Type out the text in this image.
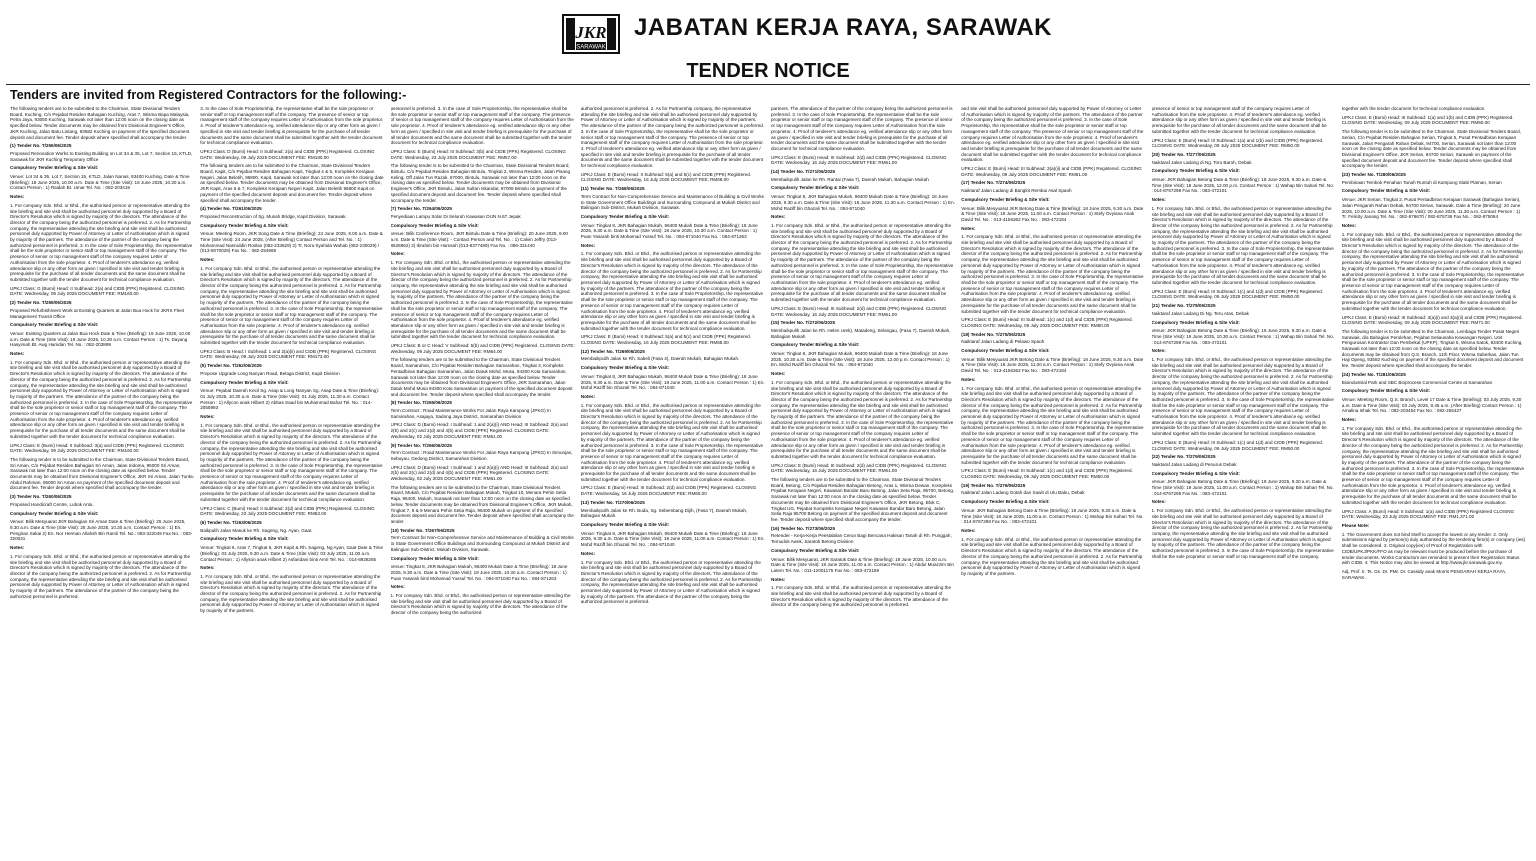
JKR
SARAWAK
JABATAN KERJA RAYA, SARAWAK
TENDER NOTICE
Tenders are invited from Registered Contractors for the following:-

The following tenders are to be submitted to the Chairman, State Divisional Tenders Board, Kuching, C/o Pejabat Residen Bahagian Kuching, Aras 7, Wisma Bapa Malaysia, Petra Jaya, 93050 Kuching, Sarawak not later than 12:00 noon on the closing date as specified below. Tender documents may be obtained from Divisional Engineer's Office, JKR Kuching, Jalan Batu Lintang, 93582 Kuching on payment of the specified document deposit and document fee. Tender deposit where specified shall accompany the tender.

(1) Tender No. T/256/06/2025

Proposed Renovation Works to Existing Building on Lot 34 & 35, Lot 7, Section 15, KTLD, Sarawak for JKR Kuching Temporary Office

Compulsory Tender Briefing & Site Visit:

Venue: Lot 34 & 35, Lot 7, Section 15, KTLD, Jalan Nanas, 93400 Kuching. Date & Time (Briefing): 18 June 2025, 10.00 a.m. Date & Time (Site Visit): 18 June 2025, 10.30 a.m. Contact Person : 1) Raidah Bt. Umar Tel. No. : 082-203419

Notes:

1. For company Sdn. Bhd. or Bhd., the authorised person or representative attending the site briefing and site visit shall be authorised personnel duly supported by a Board of Director's Resolution which is signed by majority of the directors. The attendance of the director of the company being the authorized personnel is preferred. 2. As for Partnership company, the representative attending the site briefing and site visit shall be authorised personnel duly supported by Power of Attorney or Letter of Authorisation which is signed by majority of the partners. The attendance of the partner of the company being the authorized personnel is preferred. 3. In the case of Sole Proprietorship, the representative shall be the sole proprietor or senior staff or top management staff of the company. The presence of senior or top management staff of the company requires Letter of Authorisation from the sole proprietor. 4. Proof of tenderer's attendance eg. verified attendance slip or any other form as given / specified in site visit and tender briefing is prerequisite for the purchase of all tender documents and the same document shall be submitted together with the tender document for technical compliance evaluation.

UPKJ Class: G (Bumi) Head: II Subhead: 2(a) and CIDB (PPK) Registered. CLOSING DATE: Wednesday, 09 July 2025 DOCUMENT FEE: RM160.00

(2) Tender No. T/259/06/2025

Proposed Refurbishment Work at Existing Quarters at Jalan Bua Hock for JKRS Fleet Management Transit Office

Compulsory Tender Briefing & Site Visit:

Venue: Existing Quarters at Jalan Bua Hock Date & Time (Briefing): 19 June 2025, 10.00 a.m. Date & Time (Site Visit): 19 June 2025, 10.30 a.m. Contact Person : 1) Ts. Dayang Hasyimah Bt. Awg Hamdan Tel. No. : 082-203899

Notes:

1. For company Sdn. Bhd. or Bhd., the authorised person or representative attending the site briefing and site visit shall be authorised personnel duly supported by a Board of Director's Resolution which is signed by majority of the directors. The attendance of the director of the company being the authorized personnel is preferred. 2. As for Partnership company, the representative attending the site briefing and site visit shall be authorised personnel duly supported by Power of Attorney or Letter of Authorisation which is signed by majority of the partners. The attendance of the partner of the company being the authorized personnel is preferred. 3. In the case of Sole Proprietorship, the representative shall be the sole proprietor or senior staff or top management staff of the company. The presence of senior or top management staff of the company requires Letter of Authorisation from the sole proprietor. 4. Proof of tenderer's attendance eg. verified attendance slip or any other form as given / specified in site visit and tender briefing is prerequisite for the purchase of all tender documents and the same document shall be submitted together with the tender document for technical compliance evaluation.

UPKJ Class: E (Bumi) Head: II Subhead: 3(a) and CIDB (PPK) Registered. CLOSING DATE: Wednesday, 09 July 2025 DOCUMENT FEE: RM160.00

The following tender is to be submitted to the Chairman, State Divisional Tenders Board, Sri Aman, C/o Pejabat Residen Bahagian Sri Aman, Jalan Indoma, 95000 Sri Aman, Sarawak not later than 12:00 noon on the closing date as specified below. Tender documents may be obtained from Divisional Engineer's Office, JKR Sri Aman, Jalan Tunku Abdul Rahman, 95000 Sri Aman on payment of the specified document deposit and document fee. Tender deposit where specified shall accompany the tender.

(3) Tender No. T/260/06/2025

Proposed Handicraft Centre, Lubok Antu.

Compulsory Tender Briefing & Site Visit:

Venue: Bilik Mesyuarat JKR Bahagian Sri Aman Date & Time (Briefing): 25 June 2025, 9.30 a.m. Date & Time (Site Visit): 25 June 2025, 10.30 a.m. Contact Person : 1) En. Pengiran Sakai 2) En. Nor Herman Allahsh Bin Ramli Tel. No.: 083-322049 Fax No. : 083-320031

Notes:

1. For company Sdn. Bhd. or Bhd., the authorised person or representative attending the site briefing and site visit shall be authorised personnel duly supported by a Board of Director's Resolution which is signed by majority of the directors. The attendance of the director of the company being the authorized personnel is preferred. 2. As for Partnership company, the representative attending the site briefing and site visit shall be authorised personnel duly supported by Power of Attorney or Letter of Authorisation which is signed by majority of the partners. The attendance of the partner of the company being the authorized personnel is preferred.

3. In the case of Sole Proprietorship, the representative shall be the sole proprietor or senior staff or top management staff of the company. The presence of senior or top management staff of the company requires Letter of Authorisation from the sole proprietor. 4. Proof of tenderer's attendance eg. verified attendance slip or any other form as given / specified in site visit and tender briefing is prerequisite for the purchase of all tender documents and the same document shall be submitted together with the tender document for technical compliance evaluation.

UPKJ Class: D (Bumi) Head: II Subhead: 2(a) and CIDB (PPK) Registered. CLOSING DATE: Wednesday, 09 July 2025 DOCUMENT FEE: RM180.00

The following tenders are to be submitted to the Chairman, State Divisional Tenders Board, Kapit, C/o Pejabat Residen Bahagian Kapit, Tingkat 4 & 5, Kompleks Kerajaan Negeri, Jalan Beletih, 96800, Kapit, Sarawak not later than 12:00 noon on the closing date as specified below. Tender documents may be obtained from Divisional Engineer's Office, JKR Kapit, Aras 6 & 7, Kompleks Kerajaan Negeri Kapit, Jalan Beletih 96800 Kapit on payment of the specified document deposit and document fee. Tender deposit where specified shall accompany the tender.

(4) Tender No. T/261/06/2025

Proposed Reconstruction of Sg. Musah Bridge, Kapit Division, Sarawak.

Compulsory Tender Briefing & Site Visit:

Venue: Meeting Room, JKR Song Date & Time (Briefing): 24 June 2025, 9.00 a.m. Date & Time (Site Visit): 24 June 2025, (After Briefing) Contact Person and Tel. No. : 1) Muhammad Nasruddin Roslan (082-233629) 2) Tr. Nora Syahida Wahab (082-230029) / (013-8070029) Fax No. : 082-254969

Notes:

1. For company Sdn. Bhd. or Bhd., the authorised person or representative attending the site briefing and site visit shall be authorised personnel duly supported by a Board of Director's Resolution which is signed by majority of the directors. The attendance of the director of the company being the authorized personnel is preferred. 2. As for Partnership company, the representative attending the site briefing and site visit shall be authorised personnel duly supported by Power of Attorney or Letter of Authorisation which is signed by majority of the partners. The attendance of the partner of the company being the authorized personnel is preferred. 3. In the case of Sole Proprietorship, the representative shall be the sole proprietor or senior staff or top management staff of the company. The presence of senior or top management staff of the company requires Letter of Authorisation from the sole proprietor. 4. Proof of tenderer's attendance eg. verified attendance slip or any other form as given / specified in site visit and tender briefing is prerequisite for the purchase of all tender documents and the same document shall be submitted together with the tender document for technical compliance evaluation.

UPKJ Class: B Head: I Subhead: 1 and 2(a)(ii) and CIDB (PPK) Registered. CLOSING DATE: Wednesday, 09 July 2025 DOCUMENT FEE: RM173.00

(5) Tender No. T/262/06/2025

Propose Upgrade Long Nanyan Road, Belaga District, Kapit Division

Compulsory Tender Briefing & Site Visit:

Venue: Pejabat Daerah Kecil Sg. Asap & Long Nanyan Sg. Asap Date & Time (Briefing): 01 July 2025, 10.30 a.m. Date & Time (Site Visit): 01 July 2025, 11.30 a.m. Contact Person : 1) Allycon anak Hilbert 2) Abbas Saad bin Muhammad Bahar Tel. No. : 014-2055993

Notes:

1. For company Sdn. Bhd. or Bhd., the authorised person or representative attending the site briefing and site visit shall be authorised personnel duly supported by a Board of Director's Resolution which is signed by majority of the directors. The attendance of the director of the company being the authorized personnel is preferred. 2. As for Partnership company, the representative attending the site briefing and site visit shall be authorised personnel duly supported by Power of Attorney or Letter of Authorisation which is signed by majority of the partners. The attendance of the partner of the company being the authorized personnel is preferred. 3. In the case of Sole Proprietorship, the representative shall be the sole proprietor or senior staff or top management staff of the company. The presence of senior or top management staff of the company requires Letter of Authorisation from the sole proprietor. 4. Proof of tenderer's attendance eg. verified attendance slip or any other form as given / specified in site visit and tender briefing is prerequisite for the purchase of all tender documents and the same document shall be submitted together with the tender document for technical compliance evaluation.

UPKJ Class: C (Bumi) Head: II Subhead: 2(d) and CIDB (PPK) Registered. CLOSING DATE: Wednesday, 23 July 2025 DOCUMENT FEE: RM53.00

(6) Tender No. T/263/06/2025

Baikpulih Jalan Masuk ke Rh. Sageng, Ng. Ayan, Gaat.

Compulsory Tender Briefing & Site Visit:

Venue: Tingkat 6, Aras 7, Tingkat 6, JKR Kapit & Rh. Sageng, Ng Ayan, Gaat Date & Time (Briefing): 03 July 2025, 9.30 a.m. Date & Time (Site Visit): 03 July 2025, 11.00 a.m. Contact Person : 1) Allyson anak Hilbert 2) Asfaridani binti Amri Tel. No. : 014-8928265

Notes:

1. For company Sdn. Bhd. or Bhd., the authorised person or representative attending the site briefing and site visit shall be authorised personnel duly supported by a Board of Director's Resolution which is signed by majority of the directors. The attendance of the director of the company being the authorized personnel is preferred. 2. As for Partnership company, the representative attending the site briefing and site visit shall be authorised personnel duly supported by Power of Attorney or Letter of Authorisation which is signed by majority of the partners.

personnel is preferred. 3. In the case of Sole Proprietorship, the representative shall be the sole proprietor or senior staff or top management staff of the company. The presence of senior or top management staff of the company requires Letter of Authorisation from the sole proprietor. 4. Proof of tenderer's attendance eg. verified attendance slip or any other form as given / specified in site visit and tender briefing is prerequisite for the purchase of all tender documents and the same document shall be submitted together with the tender document for technical compliance evaluation.

UPKJ Class: E (Bumi) Head: III Subhead: 3(b) and CIDB (PPK) Registered. CLOSING DATE: Wednesday, 23 July 2025 DOCUMENT FEE: RM57.00

The following tender is to be submitted to the Chairman, State Divisional Tenders Board, Bintulu, C/o Pejabat Residen Bahagian Bintulu, Tingkat 2, Wisma Residen, Jalan Pisang Keling, Off Jalan Tun Razak, 97000, Bintulu, Sarawak not later than 12:00 noon on the closing date as specified below. Tender documents may be obtained from Divisional Engineer's Office, JKR Bintulu, Jalan Sultan Iskandar, 97009 Bintulu on payment of the specified document deposit and document fee. Tender deposit where specified shall accompany the tender.

(7) Tender No. T/264/06/2025

Penyediaan Lampu Solar Di Seluruh Kawasan DUN N.67 Jepak

Compulsory Tender Briefing & Site Visit:

Venue: Bilik Conference Room, JKR Bintulu Date & Time (Briefing): 20 June 2025, 9.00 a.m. Date & Time (Site Visit): - Contact Person and Tel. No. : 1) Calvin Jeffry (013-8626862) 2) Ibrahim bin Hamsah (013-8377489) Fax No. : 086-331440

Notes:

1. For company Sdn. Bhd. or Bhd., the authorised person or representative attending the site briefing and site visit shall be authorised personnel duly supported by a Board of Director's Resolution which is signed by majority of the directors. The attendance of the director of the company being the authorized personnel is preferred. 2. As for Partnership company, the representative attending the site briefing and site visit shall be authorised personnel duly supported by Power of Attorney or Letter of Authorisation which is signed by majority of the partners. The attendance of the partner of the company being the authorized personnel is preferred. 3. In the case of Sole Proprietorship, the representative shall be the sole proprietor or senior staff or top management staff of the company. The presence of senior or top management staff of the company requires Letter of Authorisation from the sole proprietor. 4. Proof of tenderer's attendance eg. verified attendance slip or any other form as given / specified in site visit and tender briefing is prerequisite for the purchase of all tender documents and the same document shall be submitted together with the tender document for technical compliance evaluation.

UPKJ Class: B or C Head: V Subhead: 5(b) and CIDB (PPK) Registered. CLOSING DATE: Wednesday, 09 July 2025 DOCUMENT FEE: RM64.00

The following tenders are to be submitted to the Chairman, State Divisional Tenders Board, Samarahan, C/o Pejabat Residen Bahagian Samarahan, Tingkat 3, Kompleks Pentadbiran Bahagian Samarahan, Jalan Datuk Mohd. Musa, 94300 Kota Samarahan, Sarawak not later than 12:00 noon on the closing date as specified below. Tender documents may be obtained from Divisional Engineer's Office, JKR Samarahan, Jalan Datuk Mohd Musa 94300 Kota Samarahan on payment of the specified document deposit and document fee. Tender deposit where specified shall accompany the tender.

(8) Tender No. T/265/06/2025

Term Contract : Road Maintenance Works For Jalan Raya Kampung (JPKG) In Samarahan, Asajaya, Sadong Jaya District, Samarahan Division

UPKJ Class: D (Bumi) Head: I Subhead: 1 and 2(a)(i) AND Head: III Subhead: 2(a) and 2(b) and 2(c) and 2(d) and 4(b) and CIDB (PPK) Registered. CLOSING DATE: Wednesday, 02 July 2025 DOCUMENT FEE: RM61.00

(9) Tender No. T/266/06/2025

Term Contract : Road Maintenance Works For Jalan Raya Kampung (JPKG) In Simunjan, Sebuyau, Gedong District, Samarahan Division.

UPKJ Class: D (Bumi) Head: I Subhead: 1 and 2(a)(i) AND Head: III Subhead: 2(a) and 2(b) and 2(c) and 2(d) and 4(b) and CIDB (PPK) Registered. CLOSING DATE: Wednesday, 02 July 2025 DOCUMENT FEE: RM61.00

The following tenders are to be submitted to the Chairman, State Divisional Tenders Board, Mukah, C/o Pejabat Residen Bahagian Mukah, Tingkat 10, Menara Pehin Setia Raja, 96400, Mukah, Sarawak not later than 12:00 noon on the closing date as specified below. Tender documents may be obtained from Divisional Engineer's Office, JKR Mukah, Tingkat 7, 8 & 9 Menara Pehin Setia Raja, 96400 Mukah on payment of the specified document deposit and document fee. Tender deposit where specified shall accompany the tender.

(10) Tender No. T/267/06/2025

Term Contract for Non-Comprehensive Service and Maintenance of Building & Civil Works to State Government Office Buildings and Surrounding Compound at Mukah District and Balingian Sub-District, Mukah Division, Sarawak.

Compulsory Tender Briefing & Site Visit:

Venue: Tingkat 8, JKR Bahagian Mukah, 96400 Mukah Date & Time (Briefing): 18 June 2025, 9.30 a.m. Date & Time (Site Visit): 18 June 2025, 10.30 a.m. Contact Person : 1) Puan Yasarah binti Mohamad Yussuf Tel. No. : 084-871040 Fax No. : 084-871263

Notes:

1. For company Sdn. Bhd. or Bhd., the authorised person or representative attending the site briefing and site visit shall be authorised personnel duly supported by a Board of Director's Resolution which is signed by majority of the directors. The attendance of the director of the company being the authorized

authorized personnel is preferred. 2. As for Partnership company, the representative attending the site briefing and site visit shall be authorised personnel duly supported by Power of Attorney or Letter of Authorisation which is signed by majority of the partners. The attendance of the partner of the company being the authorized personnel is preferred. 3. In the case of Sole Proprietorship, the representative shall be the sole proprietor or senior staff or top management staff of the company. The presence of senior or top management staff of the company requires Letter of Authorisation from the sole proprietor. 4. Proof of tenderer's attendance eg. verified attendance slip or any other form as given / specified in site visit and tender briefing is prerequisite for the purchase of all tender documents and the same document shall be submitted together with the tender document for technical compliance evaluation.

UPKJ Class: E (Bumi) Head: II Subhead: 5(a) and 5(c) and CIDB (PPK) Registered. CLOSING DATE: Wednesday, 16 July 2025 DOCUMENT FEE: RM68.00

(11) Tender No. T/268/06/2025

Term Contract for Non-Comprehensive Service and Maintenance of Building & Civil Works to State Government Office Buildings and Surrounding Compound at Mukah District and Balingian Sub-District, Mukah Division, Sarawak.

Compulsory Tender Briefing & Site Visit:

Venue: Tingkat 8, JKR Bahagian Mukah, 96400 Mukah Date & Time (Briefing): 18 June 2025, 9.30 a.m. Date & Time (Site Visit): 18 June 2025, 10.30 a.m. Contact Person : 1) Puan Yasarah binti Mohamad Yussuf Tel. No. : 084-871040 Fax No. : 084-871263

Notes:

1. For company Sdn. Bhd. or Bhd., the authorised person or representative attending the site briefing and site visit shall be authorised personnel duly supported by a Board of Director's Resolution which is signed by majority of the directors. The attendance of the director of the company being the authorized personnel is preferred. 2. As for Partnership company, the representative attending the site briefing and site visit shall be authorised personnel duly supported by Power of Attorney or Letter of Authorisation which is signed by majority of the partners. The attendance of the partner of the company being the authorized personnel is preferred. 3. In the case of Sole Proprietorship, the representative shall be the sole proprietor or senior staff or top management staff of the company. The presence of senior or top management staff of the company requires Letter of Authorisation from the sole proprietor. 4. Proof of tenderer's attendance eg. verified attendance slip or any other form as given / specified in site visit and tender briefing is prerequisite for the purchase of all tender documents and the same document shall be submitted together with the tender document for technical compliance evaluation.

UPKJ Class: E (Bumi) Head: II Subhead: 5(a) and 5(c) and CIDB (PPK) Registered. CLOSING DATE: Wednesday, 16 July 2025 DOCUMENT FEE: RM65.00

(12) Tender No. T/269/06/2025

Membaikpulih Jalan ke Rh. Sabeli (Fasa 4), Daerah Mukah, Bahagian Mukah.

Compulsory Tender Briefing & Site Visit:

Venue: Tingkat 8, JKR Bahagian Mukah, 96400 Mukah Date & Time (Briefing): 18 June 2025, 9.30 a.m. Date & Time (Site Visit): 18 June 2025, 11.00 a.m. Contact Person : 1) En. Mohd Raziff bin Ghazali Tel. No. : 084-871040

Notes:

1. For company Sdn. Bhd. or Bhd., the authorised person or representative attending the site briefing and site visit shall be authorised personnel duly supported by a Board of Director's Resolution which is signed by majority of the directors. The attendance of the director of the company being the authorized personnel is preferred. 2. As for Partnership company, the representative attending the site briefing and site visit shall be authorised personnel duly supported by Power of Attorney or Letter of Authorisation which is signed by majority of the partners. The attendance of the partner of the company being the authorized personnel is preferred. 3. In the case of Sole Proprietorship, the representative shall be the sole proprietor or senior staff or top management staff of the company. The presence of senior or top management staff of the company requires Letter of Authorisation from the sole proprietor. 4. Proof of tenderer's attendance eg. verified attendance slip or any other form as given / specified in site visit and tender briefing is prerequisite for the purchase of all tender documents and the same document shall be submitted together with the tender document for technical compliance evaluation.

UPKJ Class: E (Bumi) Head: III Subhead: 2(d) and CIDB (PPK) Registered. CLOSING DATE: Wednesday, 16 July 2025 DOCUMENT FEE: RM65.00

(13) Tender No. T/270/06/2025

Membaikpulih Jalan ke Rh. Buda, Sg. Sebembang Dijih, (Fasa 7), Daerah Mukah, Bahagian Mukah.

Compulsory Tender Briefing & Site Visit:

Venue: Tingkat 8, JKR Bahagian Mukah, 96400 Mukah Date & Time (Briefing): 18 June 2025, 9.30 a.m. Date & Time (Site Visit): 18 June 2025, 11.00 a.m. Contact Person : 1) En. Mohd Raziff bin Ghazali Tel. No. : 084-871040

Notes:

1. For company Sdn. Bhd. or Bhd., the authorised person or representative attending the site briefing and site visit shall be authorised personnel duly supported by a Board of Director's Resolution which is signed by majority of the directors. The attendance of the director of the company being the authorized personnel is preferred. 2. As for Partnership company, the representative attending the site briefing and site visit shall be authorised personnel duly supported by Power of Attorney or Letter of Authorisation which is signed by majority of the partners. The attendance of the partner of the company being the authorized personnel is preferred.

partners. The attendance of the partner of the company being the authorized personnel is preferred. 3. In the case of Sole Proprietorship, the representative shall be the sole proprietor or senior staff or top management staff of the company. The presence of senior or top management staff of the company requires Letter of Authorisation from the sole proprietor. 4. Proof of tenderer's attendance eg. verified attendance slip or any other form as given / specified in site visit and tender briefing is prerequisite for the purchase of all tender documents and the same document shall be submitted together with the tender document for technical compliance evaluation.

UPKJ Class: E (Bumi) Head: III Subhead: 2(d) and CIDB (PPK) Registered. CLOSING DATE: Wednesday, 16 July 2025 DOCUMENT FEE: RM61.00

(14) Tender No. T/271/06/2025

Membaikpulih Jalan ke Rh. Rantai (Fasa 7), Daerah Mukah, Bahagian Mukah

Compulsory Tender Briefing & Site Visit:

Venue: Tingkat 8, JKR Bahagian Mukah, 96400 Mukah Date & Time (Briefing): 18 June 2025, 9.30 a.m. Date & Time (Site Visit): 18 June 2025, 11.30 a.m. Contact Person : 1) En. Mohd Raziff bin Ghazali Tel. No. : 084-871040

Notes:

1. For company Sdn. Bhd. or Bhd., the authorised person or representative attending the site briefing and site visit shall be authorised personnel duly supported by a Board of Director's Resolution which is signed by majority of the directors. The attendance of the director of the company being the authorized personnel is preferred. 2. As for Partnership company, the representative attending the site briefing and site visit shall be authorised personnel duly supported by Power of Attorney or Letter of Authorisation which is signed by majority of the partners. The attendance of the partner of the company being the authorized personnel is preferred. 3. In the case of Sole Proprietorship, the representative shall be the sole proprietor or senior staff or top management staff of the company. The presence of senior or top management staff of the company requires Letter of Authorisation from the sole proprietor. 4. Proof of tenderer's attendance eg. verified attendance slip or any other form as given / specified in site visit and tender briefing is prerequisite for the purchase of all tender documents and the same document shall be submitted together with the tender document for technical compliance evaluation.

UPKJ Class: E (Bumi) Head: III Subhead: 2(d) and CIDB (PPK) Registered. CLOSING DATE: Wednesday, 16 July 2025 DOCUMENT FEE: RM61.00

(15) Tender No. T/272/06/2025

Membaikpulih Jalan ke Rh. Helen Urek), Matadeng, Selangau, (Fasa 7), Daerah Mukah, Bahagian Mukah

Compulsory Tender Briefing & Site Visit:

Venue: Tingkat 8, JKR Bahagian Mukah, 96400 Mukah Date & Time (Briefing): 18 June 2025, 10.30 a.m. Date & Time (Site Visit): 18 June 2025, 12.00 p.m. Contact Person : 1) En. Mohd Raziff bin Ghazali Tel. No. : 084-871040

Notes:

1. For company Sdn. Bhd. or Bhd., the authorised person or representative attending the site briefing and site visit shall be authorised personnel duly supported by a Board of Director's Resolution which is signed by majority of the directors. The attendance of the director of the company being the authorized personnel is preferred. 2. As for Partnership company, the representative attending the site briefing and site visit shall be authorised personnel duly supported by Power of Attorney or Letter of Authorisation which is signed by majority of the partners. The attendance of the partner of the company being the authorized personnel is preferred. 3. In the case of Sole Proprietorship, the representative shall be the sole proprietor or senior staff or top management staff of the company. The presence of senior or top management staff of the company requires Letter of Authorisation from the sole proprietor. 4. Proof of tenderer's attendance eg. verified attendance slip or any other form as given / specified in site visit and tender briefing is prerequisite for the purchase of all tender documents and the same document shall be submitted together with the tender document for technical compliance evaluation.

UPKJ Class: E (Bumi) Head: III Subhead: 2(d) and CIDB (PPK) Registered. CLOSING DATE: Wednesday, 16 July 2025 DOCUMENT FEE: RM61.00

The following tenders are to be submitted to the Chairman, State Divisional Tenders Board, Betong, C/o Pejabat Residen Bahagian Betong, Aras 1, Wisma Dewan, Kompleks Pejabat Kerajaan Negeri, Kawasan Bandar Baru Betong, Jalan Seta Raja, 95700, Betong, Sarawak not later than 12:00 noon on the closing date as specified below. Tender documents may be obtained from Divisional Engineer's Office, JKR Betong, Blok C, Tingkat UG, Pejabat Kompleks Kerajaan Negeri Kawasan Bandar Baru Betong, Jalan Setia Raja 95700 Betong on payment of the specified document deposit and document fee. Tender deposit where specified shall accompany the tender.

(16) Tender No. T/273/06/2025

Retender - Kerja-Kerja Peestabilan Cerun Bagi Bencana Hakisan Tanah di Rh. Punggah, Temudok Awek, Saratok Betong Division

Compulsory Tender Briefing & Site Visit:

Venue: Bilik Mesyuarat, JKR Saratok Date & Time (Briefing): 19 June 2025, 10.00 a.m. Date & Time (Site Visit): 19 June 2025, 11.00 a.m. Contact Person : 1) Abdul Muazzim Bin Latem Tel. No. : 011-12001175 Fax No. : 083-472189

Notes:

1. For company Sdn. Bhd. or Bhd., the authorised person or representative attending the site briefing and site visit shall be authorised personnel duly supported by a Board of Director's Resolution which is signed by majority of the directors. The attendance of the director of the company being the authorized personnel is preferred.

and site visit shall be authorised personnel duly supported by Power of Attorney or Letter of Authorisation which is signed by majority of the partners. The attendance of the partner of the company being the authorized personnel is preferred. 3. In the case of Sole Proprietorship, the representative shall be the sole proprietor or senior staff or top management staff of the company. The presence of senior or top management staff of the company requires Letter of Authorisation from the sole proprietor. 4. Proof of tenderer's attendance eg. verified attendance slip or any other form as given / specified in site visit and tender briefing is prerequisite for the purchase of all tender documents and the same document shall be submitted together with the tender document for technical compliance evaluation.

UPKJ Class: E (Bumi) Head: III Subhead: 3(a)(ii) and CIDB (PPK) Registered. CLOSING DATE: Wednesday, 09 July 2025 DOCUMENT FEE: RM61.00

(17) Tender No. T/274/06/2025

Naiktaraf Jalan Ladang di Bangkit Rembai Asal Spaoh

Compulsory Tender Briefing & Site Visit:

Venue: Bilik Mesyuarat JKR Betong Date & Time (Briefing): 18 June 2025, 9.30 a.m. Date & Time (Site Visit): 18 June 2025, 11.00 a.m. Contact Person : 1) Stefy Ovyiana Anak David Tel. No. : 013-4156362 Fax No. : 083-472184

Notes:

1. For company Sdn. Bhd. or Bhd., the authorised person or representative attending the site briefing and site visit shall be authorised personnel duly supported by a Board of Director's Resolution which is signed by majority of the directors. The attendance of the director of the company being the authorized personnel is preferred. 2. As for Partnership company, the representative attending the site briefing and site visit shall be authorised personnel duly supported by Power of Attorney or Letter of Authorisation which is signed by majority of the partners. The attendance of the partner of the company being the authorized personnel is preferred. 3. In the case of Sole Proprietorship, the representative shall be the sole proprietor or senior staff or top management staff of the company. The presence of senior or top management staff of the company requires Letter of Authorisation from the sole proprietor. 4. Proof of tenderer's attendance eg. verified attendance slip or any other form as given / specified in site visit and tender briefing is prerequisite for the purchase of all tender documents and the same document shall be submitted together with the tender document for technical compliance evaluation.

UPKJ Class: E (Bumi) Head: III Subhead: 1(c) and 1(d) and CIDB (PPK) Registered. CLOSING DATE: Wednesday, 09 July 2025 DOCUMENT FEE: RM50.00

(18) Tender No. T/275/06/2025

Naiktaraf Jalan Ladang di Pelawo Spaoh

Compulsory Tender Briefing & Site Visit:

Venue: Bilik Mesyuarat JKR Betong Date & Time (Briefing): 18 June 2025, 9.30 a.m. Date & Time (Site Visit): 18 June 2025, 11.00 a.m. Contact Person : 1) Stefy Ovyiana Anak David Tel. No. : 013-4156362 Fax No. : 083-472184

Notes:

1. For company Sdn. Bhd. or Bhd., the authorised person or representative attending the site briefing and site visit shall be authorised personnel duly supported by a Board of Director's Resolution which is signed by majority of the directors. The attendance of the director of the company being the authorized personnel is preferred. 2. As for Partnership company, the representative attending the site briefing and site visit shall be authorised personnel duly supported by Power of Attorney or Letter of Authorisation which is signed by majority of the partners. The attendance of the partner of the company being the authorized personnel is preferred. 3. In the case of Sole Proprietorship, the representative shall be the sole proprietor or senior staff or top management staff of the company. The presence of senior or top management staff of the company requires Letter of Authorisation from the sole proprietor. 4. Proof of tenderer's attendance eg. verified attendance slip or any other form as given / specified in site visit and tender briefing is prerequisite for the purchase of all tender documents and the same document shall be submitted together with the tender document for technical compliance evaluation.

UPKJ Class: E (Bumi) Head: III Subhead: 1(c) and 1(d) and CIDB (PPK) Registered. CLOSING DATE: Wednesday, 09 July 2025 DOCUMENT FEE: RM50.00

(19) Tender No. T/276/06/2025

Naiktaraf Jalan Ladang Gotah dan Sawit di Ulu Babu, Debak

Compulsory Tender Briefing & Site Visit:

Venue: JKR Bahagian Betong Date & Time (Briefing): 18 June 2025, 9.30 a.m. Date & Time (Site Visit): 18 June 2025, 11.00 a.m. Contact Person : 1) Wahap Bin Sahari Tel. No. : 014-8767298 Fax No. : 083-472101

Notes:

1. For company Sdn. Bhd. or Bhd., the authorised person or representative attending the site briefing and site visit shall be authorised personnel duly supported by a Board of Director's Resolution which is signed by majority of the directors. The attendance of the director of the company being the authorized personnel is preferred. 2. As for Partnership company, the representative attending the site briefing and site visit shall be authorised personnel duly supported by Power of Attorney or Letter of Authorisation which is signed by majority of the partners.

presence of senior or top management staff of the company requires Letter of Authorisation from the sole proprietor. 4. Proof of tenderer's attendance eg. verified attendance slip or any other form as given / specified in site visit and tender briefing is prerequisite for the purchase of all tender documents and the same document shall be submitted together with the tender document for technical compliance evaluation.

UPKJ Class: E (Bumi) Head: III Subhead: 1(a) and 1(b) and CIDB (PPK) Registered. CLOSING DATE: Wednesday, 09 July 2025 DOCUMENT FEE: RM50.00

(20) Tender No. T/277/06/2025

Naiktaraf Jalan Ladang di Ng. Toru Baroh, Debak

Compulsory Tender Briefing & Site Visit:

Venue: JKR Bahagian Betong Date & Time (Briefing): 18 June 2025, 9.30 a.m. Date & Time (Site Visit): 18 June 2025, 12.00 p.m. Contact Person : 1) Wahap Bin Sahari Tel. No. : 014-8767298 Fax No. : 083-472101

Notes:

1. For company Sdn. Bhd. or Bhd., the authorised person or representative attending the site briefing and site visit shall be authorised personnel duly supported by a Board of Director's Resolution which is signed by majority of the directors. The attendance of the director of the company being the authorized personnel is preferred. 2. As for Partnership company, the representative attending the site briefing and site visit shall be authorised personnel duly supported by Power of Attorney or Letter of Authorisation which is signed by majority of the partners. The attendance of the partner of the company being the authorized personnel is preferred. 3. In the case of Sole Proprietorship, the representative shall be the sole proprietor or senior staff or top management staff of the company. The presence of senior or top management staff of the company requires Letter of Authorisation from the sole proprietor. 4. Proof of tenderer's attendance eg. verified attendance slip or any other form as given / specified in site visit and tender briefing is prerequisite for the purchase of all tender documents and the same document shall be submitted together with the tender document for technical compliance evaluation.

UPKJ Class: E (Bumi) Head: III Subhead: 1(c) and 1(d) and CIDB (PPK) Registered. CLOSING DATE: Wednesday, 09 July 2025 DOCUMENT FEE: RM50.00

(21) Tender No. T/278/06/2025

Naiktaraf Jalan Ladang Di Ng. Teru Atas, Debak

Compulsory Tender Briefing & Site Visit:

Venue: JKR Bahagian Betong Date & Time (Briefing): 19 June 2025, 9.30 a.m. Date & Time (Site Visit): 19 June 2025, 10.30 a.m. Contact Person : 1) Wahap Bin Sahari Tel. No. : 014-8767298 Fax No. : 083-472101

Notes:

1. For company Sdn. Bhd. or Bhd., the authorised person or representative attending the site briefing and site visit shall be authorised personnel duly supported by a Board of Director's Resolution which is signed by majority of the directors. The attendance of the director of the company being the authorized personnel is preferred. 2. As for Partnership company, the representative attending the site briefing and site visit shall be authorised personnel duly supported by Power of Attorney or Letter of Authorisation which is signed by majority of the partners. The attendance of the partner of the company being the authorized personnel is preferred. 3. In the case of Sole Proprietorship, the representative shall be the sole proprietor or senior staff or top management staff of the company. The presence of senior or top management staff of the company requires Letter of Authorisation from the sole proprietor. 4. Proof of tenderer's attendance eg. verified attendance slip or any other form as given / specified in site visit and tender briefing is prerequisite for the purchase of all tender documents and the same document shall be submitted together with the tender document for technical compliance evaluation.

UPKJ Class: E (Bumi) Head: III Subhead: 1(c) and 1(d) and CIDB (PPK) Registered. CLOSING DATE: Wednesday, 09 July 2025 DOCUMENT FEE: RM50.00

(22) Tender No. T/279/06/2025

Naiktaraf Jalan Ladang di Penurus Debak

Compulsory Tender Briefing & Site Visit:

Venue: JKR Bahagian Betong Date & Time (Briefing): 19 June 2025, 9.30 a.m. Date & Time (Site Visit): 19 June 2025, 11.00 a.m. Contact Person : 1) Wahap Bin Sahari Tel. No. : 014-8767298 Fax No. : 083-472101

Notes:

1. For company Sdn. Bhd. or Bhd., the authorised person or representative attending the site briefing and site visit shall be authorised personnel duly supported by a Board of Director's Resolution which is signed by majority of the directors. The attendance of the director of the company being the authorized personnel is preferred. 2. As for Partnership company, the representative attending the site briefing and site visit shall be authorised personnel duly supported by Power of Attorney or Letter of Authorisation which is signed by majority of the partners. The attendance of the partner of the company being the authorized personnel is preferred. 3. In the case of Sole Proprietorship, the representative shall be the sole proprietor or senior staff or top management staff of the company.

together with the tender document for technical compliance evaluation.

UPKJ Class: E (Bumi) Head: III Subhead: 1(a) and 1(b) and CIDB (PPK) Registered. CLOSING DATE: Wednesday, 09 July 2025 DOCUMENT FEE: RM50.00

The following tender is to be submitted to the Chairman, State Divisional Tenders Board, Serian, C/o Pejabat Residen Bahagian Serian, Tingkat 5, Pusat Pentadbiran Kerajaan Sarawak, Jalan Pengarah Rahan Debak, 94700, Serian, Sarawak not later than 12:00 noon on the closing date as specified below. Tender documents may be obtained from Divisional Engineer's Office, JKR Serian, 94700 Serian, Sarawak on payment of the specified document deposit and document fee. Tender deposit where specified shall accompany the tender.

(23) Tender No. T/280/06/2025

Pembinaan Tembok Penahan Tanah Runtuh di Kampung Slabi Plaman, Serian

Compulsory Tender Briefing & Site Visit:

Venue: JKR Serian, Tingkat 2, Pusat Pentadbiran Kerajaan Sarawak (Bahagian Serian), Jalan Pengarah Rahan Debak, 94700 Serian, Sarawak. Date & Time (Briefing): 20 June 2025, 10.00 a.m. Date & Time (Site Visit): 20 June 2025, 11.30 a.m. Contact Person : 1) Tr. Felicity Janang Tel. No. : 082-876670 / 082-876736 Fax No. : 082-875064

Notes:

1. For company Sdn. Bhd. or Bhd., the authorised person or representative attending the site briefing and site visit shall be authorised personnel duly supported by a Board of Director's Resolution which is signed by majority of the directors. The attendance of the director of the company being the authorized personnel is preferred. 2. As for Partnership company, the representative attending the site briefing and site visit shall be authorised personnel duly supported by Power of Attorney or Letter of Authorisation which is signed by majority of the partners. The attendance of the partner of the company being the authorized personnel is preferred. 3. In the case of Sole Proprietorship, the representative shall be the sole proprietor or senior staff or top management staff of the company. The presence of senior or top management staff of the company requires Letter of Authorisation from the sole proprietor. 4. Proof of tenderer's attendance eg. verified attendance slip or any other form as given / specified in site visit and tender briefing is prerequisite for the purchase of all tender documents and the same document shall be submitted together with the tender document for technical compliance evaluation.

UPKJ Class: E (Bumi) Head: III Subhead: 3(a)(i) and 3(a)(ii) and CIDB (PPK) Registered. CLOSING DATE: Wednesday, 09 July 2025 DOCUMENT FEE: RM71.00

The following tender is to be submitted to the Chairman, Lembaga Tender Pusat Negeri Sarawak, d/a Bahagian Perolehan, Pejabat Setiausaha Kewangan Negeri, Unit Pengurusan Kontraktor Dan Pembekal (UPKP), Tingkat 5, Wisma Satok, 93400 Kuching, Sarawak not later than 12:00 noon on the closing date as specified below. Tender documents may be obtained from Q.S. Branch, 11th Floor, Wisma Saberkas, Jalan Tun Haji Openg, 93582 Kuching on payment of the specified document deposit and document fee. Tender deposit where specified shall accompany the tender.

(24) Tender No. T/281/06/2025

Bioindustrial Park and SBC Bioprocess Commercial Centre at Samarahan

Compulsory Tender Briefing & Site Visit:

Venue: Meeting Room, Q.S. Branch, Level 17 Date & Time (Briefing): 03 July 2025, 9.30 a.m. Date & Time (Site Visit): 03 July 2025, 9.45 a.m. (After Briefing) Contact Person : 1) Amalina Ishak Tel. No. : 082-203454 Fax No. : 082-255427

Notes:

1. For company Sdn. Bhd. or Bhd., the authorised person or representative attending the site briefing and site visit shall be authorised personnel duly supported by a Board of Director's Resolution which is signed by majority of the directors. The attendance of the director of the company being the authorized personnel is preferred. 2. As for Partnership company, the representative attending the site briefing and site visit shall be authorised personnel duly supported by Power of Attorney or Letter of Authorisation which is signed by majority of the partners. The attendance of the partner of the company being the authorized personnel is preferred. 3. In the case of Sole Proprietorship, the representative shall be the sole proprietor or senior staff or top management staff of the company. The presence of senior or top management staff of the company requires Letter of Authorisation from the sole proprietor. 4. Proof of tenderer's attendance eg. verified attendance slip or any other form as given / specified in site visit and tender briefing is prerequisite for the purchase of all tender documents and the same document shall be submitted together with the tender document for technical compliance evaluation.

UPKJ Class: A (Bumi) Head: II Subhead: 1(a) and CIDB (PPK) Registered CLOSING DATE: Wednesday, 23 July 2025 DOCUMENT FEE: RM1,371.00

Please Note:

1. The Government does not bind itself to accept the lowest or any tender. 2. Only submissions signed by person(s) duly authorised by the tendering firm(s) or company (ies) shall be considered. 3. Original copy(ies) of Proof of Registration with CIDB/UPKJ/PKK/FFO as may be relevant must be produced before the purchase of tender documents. Works Contractors are reminded to present their Registration Status with CIDB. 4. This Notice may also be viewed at http://www.jkr.sarawak.gov.my.

Adj. Prof. Ir. Ts. Gs. Dr. PMr. Dr. Cassidy anak Morris PENGARAH KERJA RAYA, SARAWAK.
